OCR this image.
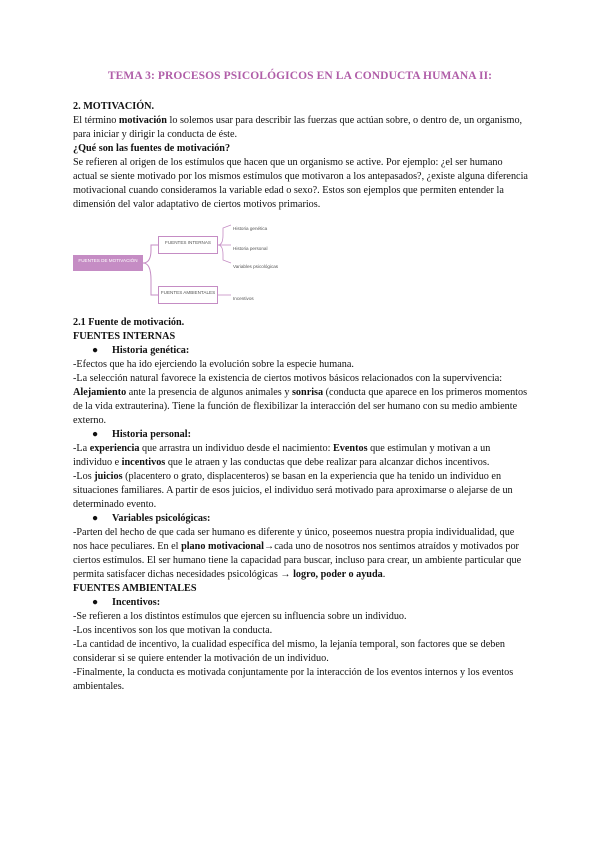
TEMA 3: PROCESOS PSICOLÓGICOS EN LA CONDUCTA HUMANA II:

2. MOTIVACIÓN.

El término motivación lo solemos usar para describir las fuerzas que actúan sobre, o dentro de, un organismo, para iniciar y dirigir la conducta de éste.

¿Qué son las fuentes de motivación?

Se refieren al origen de los estímulos que hacen que un organismo se active. Por ejemplo: ¿el ser humano actual se siente motivado por los mismos estímulos que motivaron a los antepasados?, ¿existe alguna diferencia motivacional cuando consideramos la variable edad o sexo?. Estos son ejemplos que permiten entender la dimensión del valor adaptativo de ciertos motivos primarios.

FUENTES DE MOTIVACIÓN
FUENTES INTERNAS
FUENTES AMBIENTALES
Historia genética
Historia personal
Variables psicológicas
Incentivos

2.1 Fuente de motivación.

FUENTES INTERNAS

● Historia genética:

-Efectos que ha ido ejerciendo la evolución sobre la especie humana.

-La selección natural favorece la existencia de ciertos motivos básicos relacionados con la supervivencia: Alejamiento ante la presencia de algunos animales y sonrisa (conducta que aparece en los primeros momentos de la vida extrauterina). Tiene la función de flexibilizar la interacción del ser humano con su medio ambiente externo.

● Historia personal:

-La experiencia que arrastra un individuo desde el nacimiento: Eventos que estimulan y motivan a un individuo e incentivos que le atraen y las conductas que debe realizar para alcanzar dichos incentivos.

-Los juicios (placentero o grato, displacenteros) se basan en la experiencia que ha tenido un individuo en situaciones familiares. A partir de esos juicios, el individuo será motivado para aproximarse o alejarse de un determinado evento.

● Variables psicológicas:

-Parten del hecho de que cada ser humano es diferente y único, poseemos nuestra propia individualidad, que nos hace peculiares. En el plano motivacional→cada uno de nosotros nos sentimos atraídos y motivados por ciertos estímulos. El ser humano tiene la capacidad para buscar, incluso para crear, un ambiente particular que permita satisfacer dichas necesidades psicológicas → logro, poder o ayuda.

FUENTES AMBIENTALES

● Incentivos:

-Se refieren a los distintos estímulos que ejercen su influencia sobre un individuo.

-Los incentivos son los que motivan la conducta.

-La cantidad de incentivo, la cualidad específica del mismo, la lejanía temporal, son factores que se deben considerar si se quiere entender la motivación de un individuo.

-Finalmente, la conducta es motivada conjuntamente por la interacción de los eventos internos y los eventos ambientales.
